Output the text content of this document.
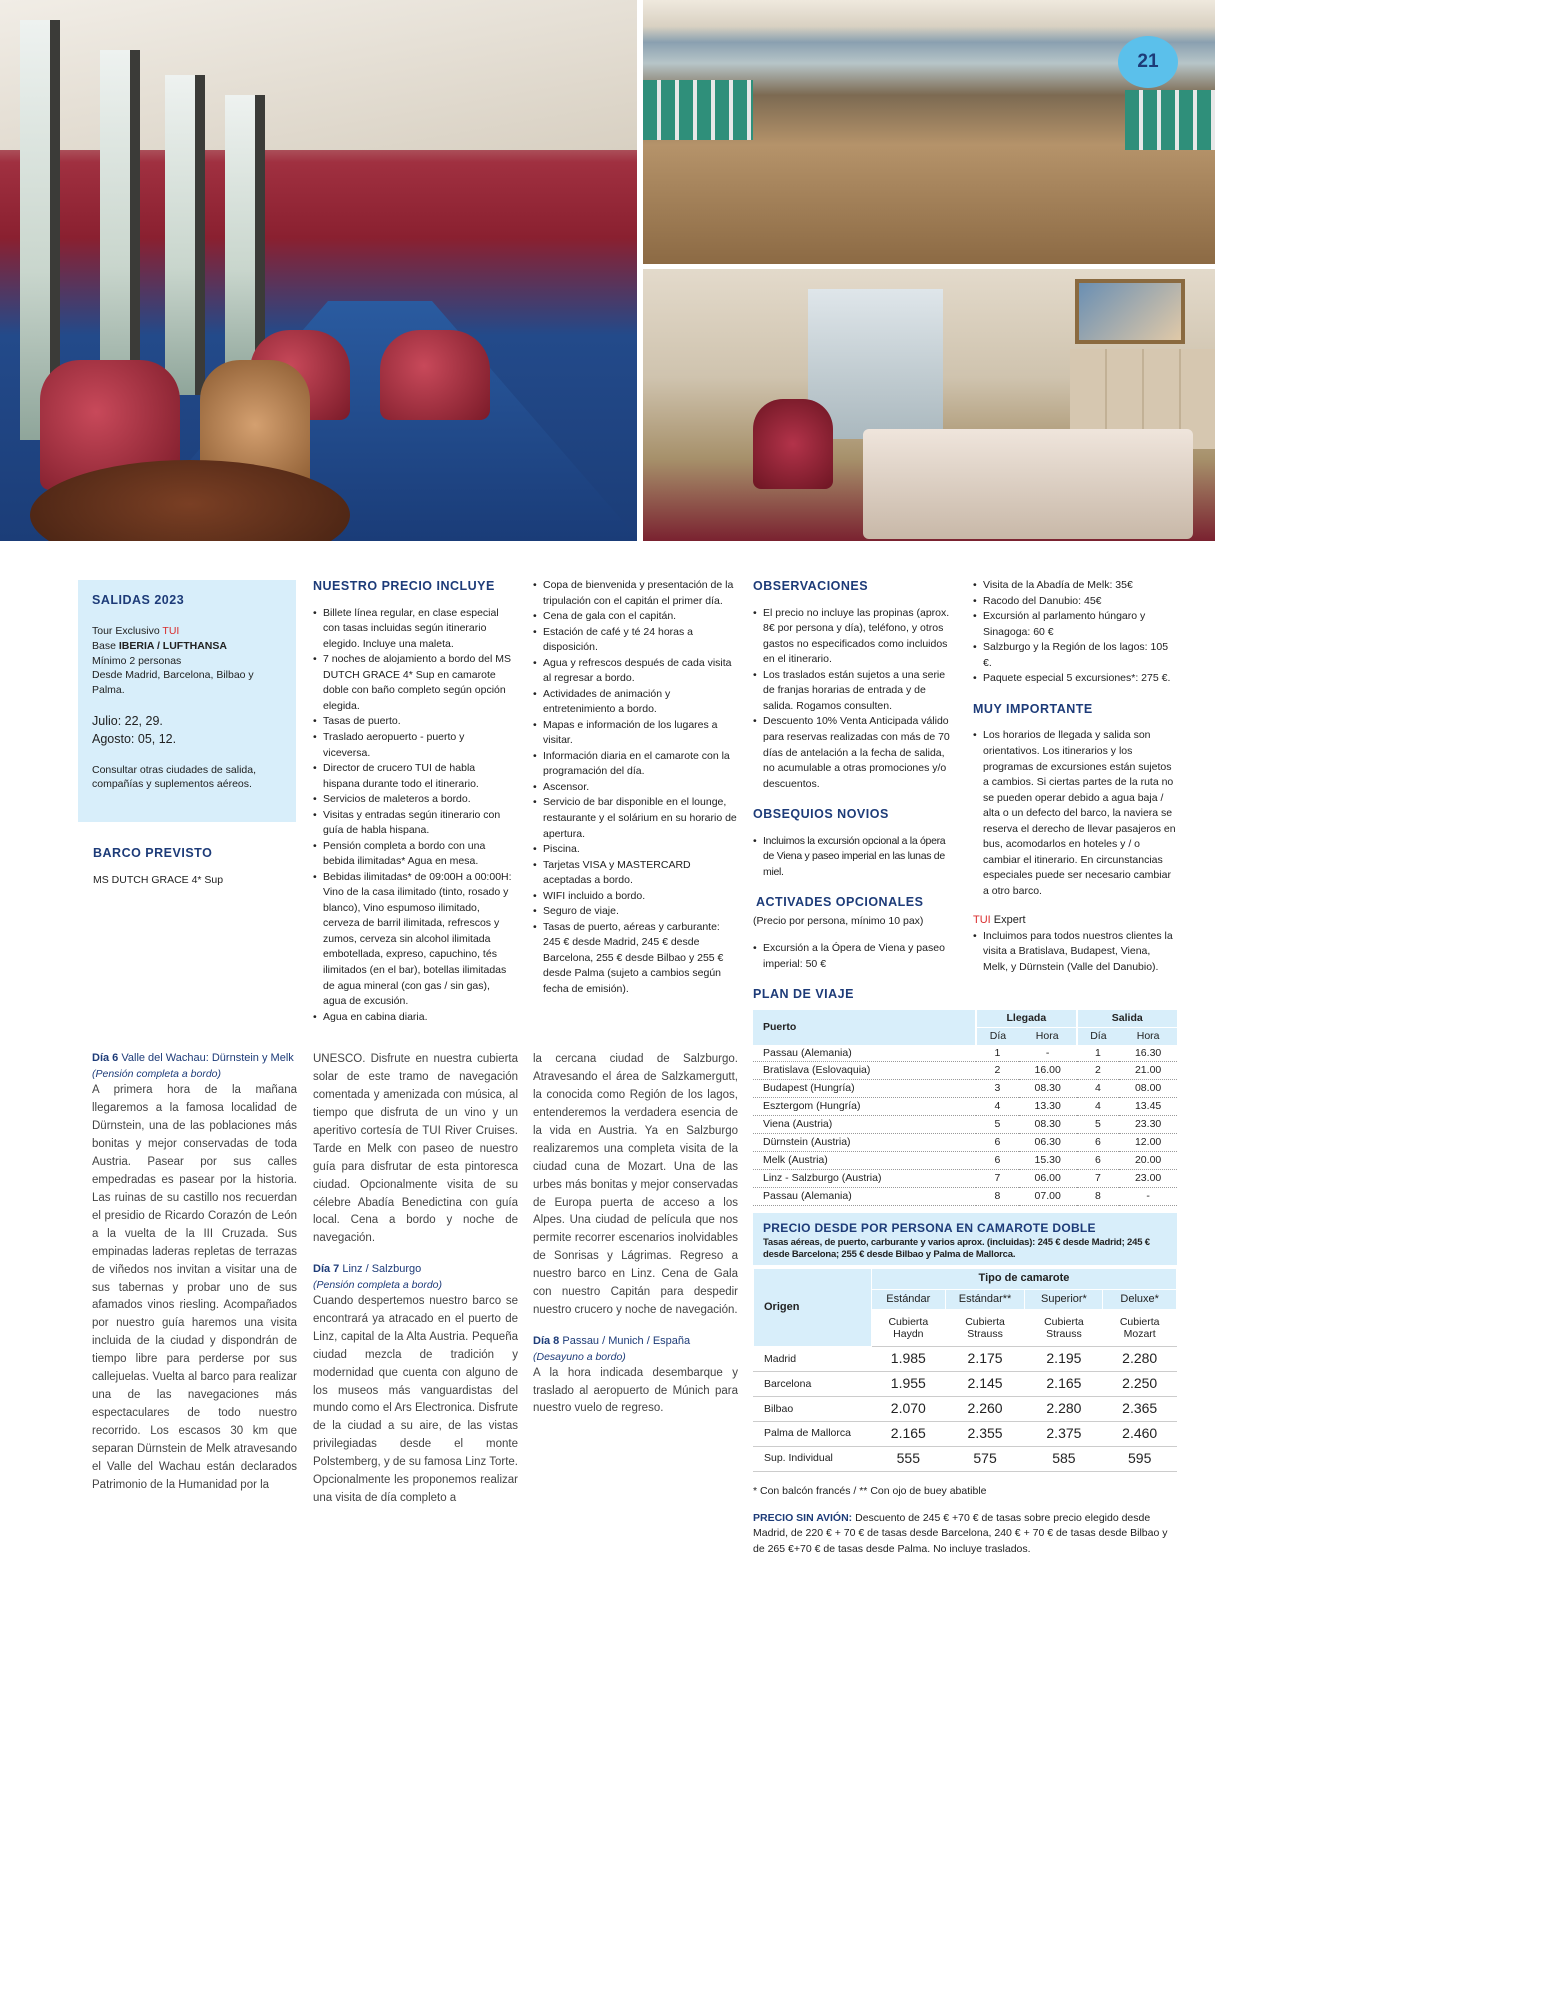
21
SALIDAS 2023
Tour Exclusivo TUI
Base IBERIA / LUFTHANSA
Mínimo 2 personas
Desde Madrid, Barcelona, Bilbao y Palma.
Julio: 22, 29.
Agosto: 05, 12.
Consultar otras ciudades de salida, compañías y suplementos aéreos.
BARCO PREVISTO
MS DUTCH GRACE 4* Sup
NUESTRO PRECIO INCLUYE
• Billete línea regular, en clase especial con tasas incluidas según itinerario elegido. Incluye una maleta.
• 7 noches de alojamiento a bordo del MS DUTCH GRACE 4* Sup en camarote doble con baño completo según opción elegida.
• Tasas de puerto.
• Traslado aeropuerto - puerto y viceversa.
• Director de crucero TUI de habla hispana durante todo el itinerario.
• Servicios de maleteros a bordo.
• Visitas y entradas según itinerario con guía de habla hispana.
• Pensión completa a bordo con una bebida ilimitadas* Agua en mesa.
• Bebidas ilimitadas* de 09:00H a 00:00H: Vino de la casa ilimitado (tinto, rosado y blanco), Vino espumoso ilimitado, cerveza de barril ilimitada, refrescos y zumos, cerveza sin alcohol ilimitada embotellada, expreso, capuchino, tés ilimitados (en el bar), botellas ilimitadas de agua mineral (con gas / sin gas), agua de excusión.
• Agua en cabina diaria.
• Copa de bienvenida y presentación de la tripulación con el capitán el primer día.
• Cena de gala con el capitán.
• Estación de café y té 24 horas a disposición.
• Agua y refrescos después de cada visita al regresar a bordo.
• Actividades de animación y entretenimiento a bordo.
• Mapas e información de los lugares a visitar.
• Información diaria en el camarote con la programación del día.
• Ascensor.
• Servicio de bar disponible en el lounge, restaurante y el solárium en su horario de apertura.
• Piscina.
• Tarjetas VISA y MASTERCARD aceptadas a bordo.
• WIFI incluido a bordo.
• Seguro de viaje.
• Tasas de puerto, aéreas y carburante: 245 € desde Madrid, 245 € desde Barcelona, 255 € desde Bilbao y 255 € desde Palma (sujeto a cambios según fecha de emisión).
OBSERVACIONES
• El precio no incluye las propinas (aprox. 8€ por persona y día), teléfono, y otros gastos no especificados como incluidos en el itinerario.
• Los traslados están sujetos a una serie de franjas horarias de entrada y de salida. Rogamos consulten.
• Descuento 10% Venta Anticipada válido para reservas realizadas con más de 70 días de antelación a la fecha de salida, no acumulable a otras promociones y/o descuentos.
OBSEQUIOS NOVIOS
• Incluimos la excursión opcional a la ópera de Viena y paseo imperial en las lunas de miel.
ACTIVADES OPCIONALES
(Precio por persona, mínimo 10 pax)
• Excursión a la Ópera de Viena y paseo imperial: 50 €
• Visita de la Abadía de Melk: 35€
• Racodo del Danubio: 45€
• Excursión al parlamento húngaro y Sinagoga: 60 €
• Salzburgo y la Región de los lagos: 105 €.
• Paquete especial 5 excursiones*: 275 €.
MUY IMPORTANTE
• Los horarios de llegada y salida son orientativos. Los itinerarios y los programas de excursiones están sujetos a cambios. Si ciertas partes de la ruta no se pueden operar debido a agua baja / alta o un defecto del barco, la naviera se reserva el derecho de llevar pasajeros en bus, acomodarlos en hoteles y / o cambiar el itinerario. En circunstancias especiales puede ser necesario cambiar a otro barco.
TUI Expert
• Incluimos para todos nuestros clientes la visita a Bratislava, Budapest, Viena, Melk, y Dürnstein (Valle del Danubio).
PLAN DE VIAJE
Puerto	Llegada		Salida	
	Día	Hora	Día	Hora
Passau (Alemania)	1	-	1	16.30
Bratislava (Eslovaquia)	2	16.00	2	21.00
Budapest (Hungría)	3	08.30	4	08.00
Esztergom (Hungría)	4	13.30	4	13.45
Viena (Austria)	5	08.30	5	23.30
Dürnstein (Austria)	6	06.30	6	12.00
Melk (Austria)	6	15.30	6	20.00
Linz - Salzburgo (Austria)	7	06.00	7	23.00
Passau (Alemania)	8	07.00	8	-
PRECIO DESDE POR PERSONA EN CAMAROTE DOBLE
Tasas aéreas, de puerto, carburante y varios aprox. (incluidas): 245 € desde Madrid; 245 € desde Barcelona; 255 € desde Bilbao y Palma de Mallorca.
Origen	Tipo de camarote			
	Estándar	Estándar**	Superior*	Deluxe*
	Cubierta Haydn	Cubierta Strauss	Cubierta Strauss	Cubierta Mozart
Madrid	1.985	2.175	2.195	2.280
Barcelona	1.955	2.145	2.165	2.250
Bilbao	2.070	2.260	2.280	2.365
Palma de Mallorca	2.165	2.355	2.375	2.460
Sup. Individual	555	575	585	595
* Con balcón francés / ** Con ojo de buey abatible
PRECIO SIN AVIÓN: Descuento de 245 € +70 € de tasas sobre precio elegido desde Madrid, de 220 € + 70 € de tasas desde Barcelona, 240 € + 70 € de tasas desde Bilbao y de 265 €+70 € de tasas desde Palma. No incluye traslados.
Día 6 Valle del Wachau: Dürnstein y Melk (Pensión completa a bordo)
A primera hora de la mañana llegaremos a la famosa localidad de Dürnstein, una de las poblaciones más bonitas y mejor conservadas de toda Austria. Pasear por sus calles empedradas es pasear por la historia. Las ruinas de su castillo nos recuerdan el presidio de Ricardo Corazón de León a la vuelta de la III Cruzada. Sus empinadas laderas repletas de terrazas de viñedos nos invitan a visitar una de sus tabernas y probar uno de sus afamados vinos riesling. Acompañados por nuestro guía haremos una visita incluida de la ciudad y dispondrán de tiempo libre para perderse por sus callejuelas. Vuelta al barco para realizar una de las navegaciones más espectaculares de todo nuestro recorrido. Los escasos 30 km que separan Dürnstein de Melk atravesando el Valle del Wachau están declarados Patrimonio de la Humanidad por la
UNESCO. Disfrute en nuestra cubierta solar de este tramo de navegación comentada y amenizada con música, al tiempo que disfruta de un vino y un aperitivo cortesía de TUI River Cruises. Tarde en Melk con paseo de nuestro guía para disfrutar de esta pintoresca ciudad. Opcionalmente visita de su célebre Abadía Benedictina con guía local. Cena a bordo y noche de navegación.
Día 7 Linz / Salzburgo
(Pensión completa a bordo)
Cuando despertemos nuestro barco se encontrará ya atracado en el puerto de Linz, capital de la Alta Austria. Pequeña ciudad mezcla de tradición y modernidad que cuenta con alguno de los museos más vanguardistas del mundo como el Ars Electronica. Disfrute de la ciudad a su aire, de las vistas privilegiadas desde el monte Polstemberg, y de su famosa Linz Torte. Opcionalmente les proponemos realizar una visita de día completo a
la cercana ciudad de Salzburgo. Atravesando el área de Salzkamergutt, la conocida como Región de los lagos, entenderemos la verdadera esencia de la vida en Austria. Ya en Salzburgo realizaremos una completa visita de la ciudad cuna de Mozart. Una de las urbes más bonitas y mejor conservadas de Europa puerta de acceso a los Alpes. Una ciudad de película que nos permite recorrer escenarios inolvidables de Sonrisas y Lágrimas. Regreso a nuestro barco en Linz. Cena de Gala con nuestro Capitán para despedir nuestro crucero y noche de navegación.
Día 8 Passau / Munich / España
(Desayuno a bordo)
A la hora indicada desembarque y traslado al aeropuerto de Múnich para nuestro vuelo de regreso.
